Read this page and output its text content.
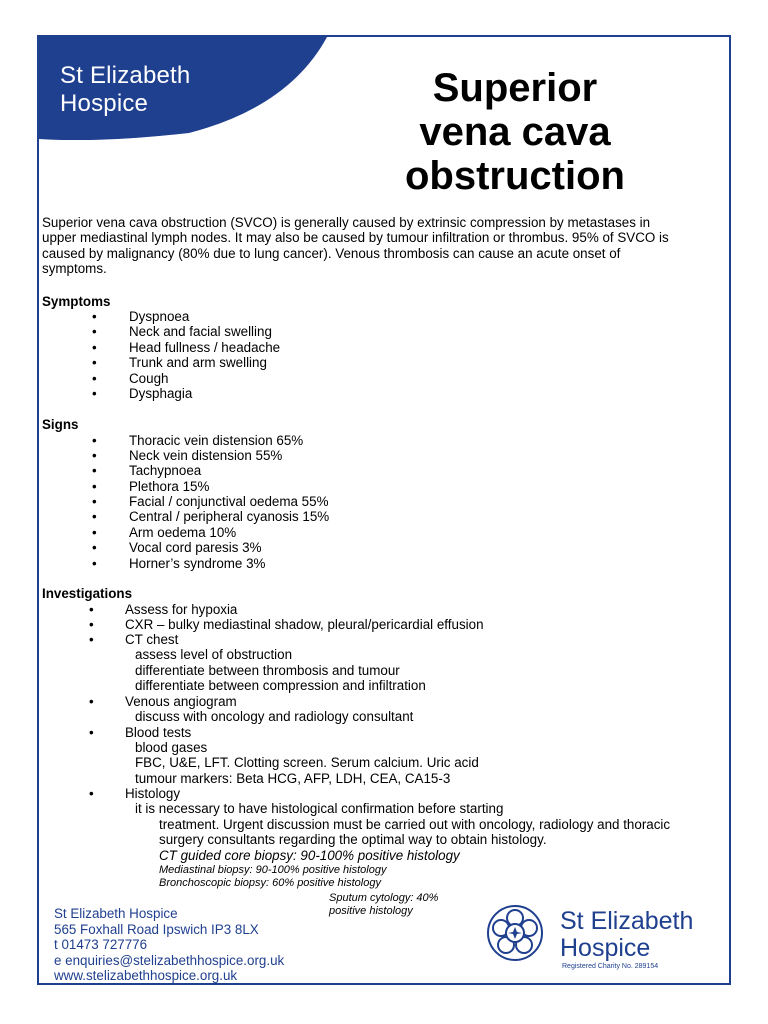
St Elizabeth
Hospice	Superior
vena cava
obstruction
Superior vena cava obstruction (SVCO) is generally caused by extrinsic compression by metastases in
upper mediastinal lymph nodes. It may also be caused by tumour infiltration or thrombus. 95% of SVCO is
caused by malignancy (80% due to lung cancer). Venous thrombosis can cause an acute onset of
symptoms.
Symptoms
• Dyspnoea
• Neck and facial swelling
• Head fullness / headache
• Trunk and arm swelling
• Cough
• Dysphagia
Signs
• Thoracic vein distension 65%
• Neck vein distension 55%
• Tachypnoea
• Plethora 15%
• Facial / conjunctival oedema 55%
• Central / peripheral cyanosis 15%
• Arm oedema 10%
• Vocal cord paresis 3%
• Horner’s syndrome 3%
Investigations
• Assess for hypoxia
• CXR – bulky mediastinal shadow, pleural/pericardial effusion
• CT chest
assess level of obstruction
differentiate between thrombosis and tumour
differentiate between compression and infiltration
• Venous angiogram
discuss with oncology and radiology consultant
• Blood tests
blood gases
FBC, U&E, LFT. Clotting screen. Serum calcium. Uric acid
tumour markers: Beta HCG, AFP, LDH, CEA, CA15-3
• Histology
it is necessary to have histological confirmation before starting
treatment. Urgent discussion must be carried out with oncology, radiology and thoracic
surgery consultants regarding the optimal way to obtain histology.
CT guided core biopsy: 90-100% positive histology
Mediastinal biopsy: 90-100% positive histology
Bronchoscopic biopsy: 60% positive histology
Sputum cytology: 40%
positive histology
St Elizabeth Hospice
565 Foxhall Road Ipswich IP3 8LX
t 01473 727776
e enquiries@stelizabethhospice.org.uk
www.stelizabethhospice.org.uk
St Elizabeth
Hospice
Registered Charity No. 289154
